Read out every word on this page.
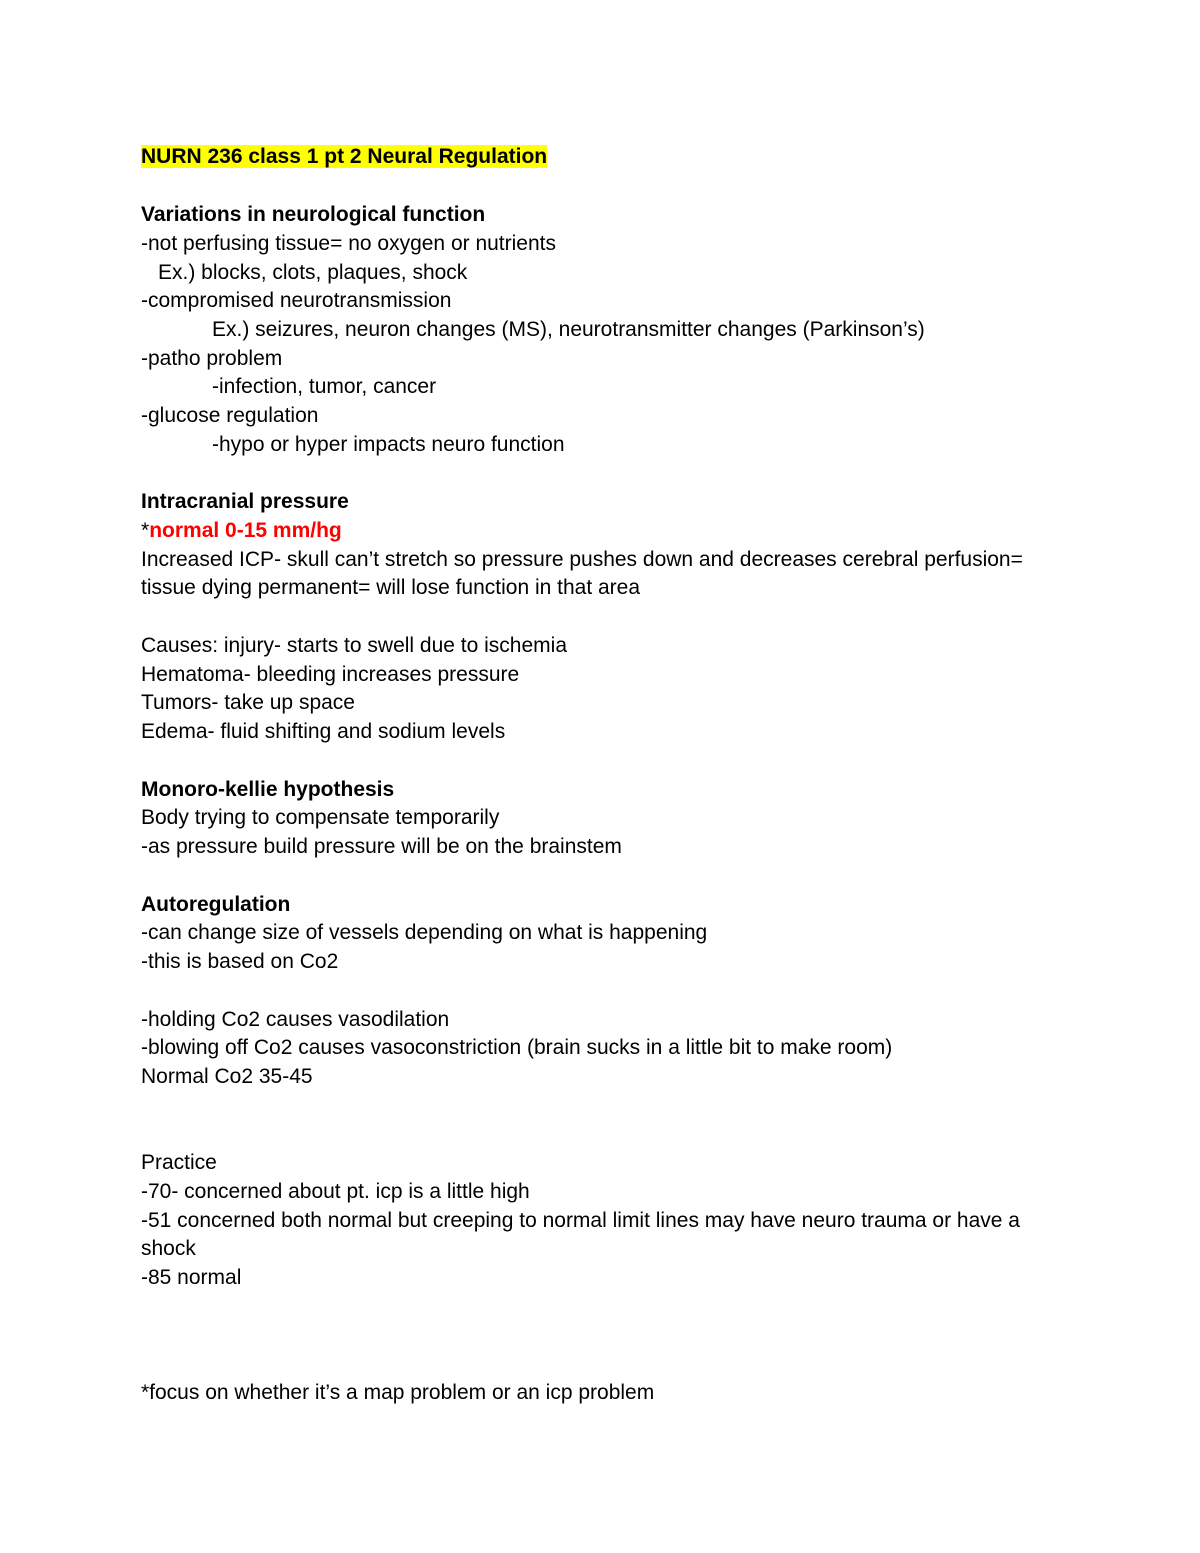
NURN 236 class 1 pt 2 Neural Regulation
Variations in neurological function
-not perfusing tissue= no oxygen or nutrients
Ex.) blocks, clots, plaques, shock
-compromised neurotransmission
Ex.) seizures, neuron changes (MS), neurotransmitter changes (Parkinson’s)
-patho problem
-infection, tumor, cancer
-glucose regulation
-hypo or hyper impacts neuro function
Intracranial pressure
*normal 0-15 mm/hg
Increased ICP- skull can’t stretch so pressure pushes down and decreases cerebral perfusion=
tissue dying permanent= will lose function in that area
Causes: injury- starts to swell due to ischemia
Hematoma- bleeding increases pressure
Tumors- take up space
Edema- fluid shifting and sodium levels
Monoro-kellie hypothesis
Body trying to compensate temporarily
-as pressure build pressure will be on the brainstem
Autoregulation
-can change size of vessels depending on what is happening
-this is based on Co2
-holding Co2 causes vasodilation
-blowing off Co2 causes vasoconstriction (brain sucks in a little bit to make room)
Normal Co2 35-45
Practice
-70- concerned about pt. icp is a little high
-51 concerned both normal but creeping to normal limit lines may have neuro trauma or have a
shock
-85 normal
*focus on whether it’s a map problem or an icp problem
